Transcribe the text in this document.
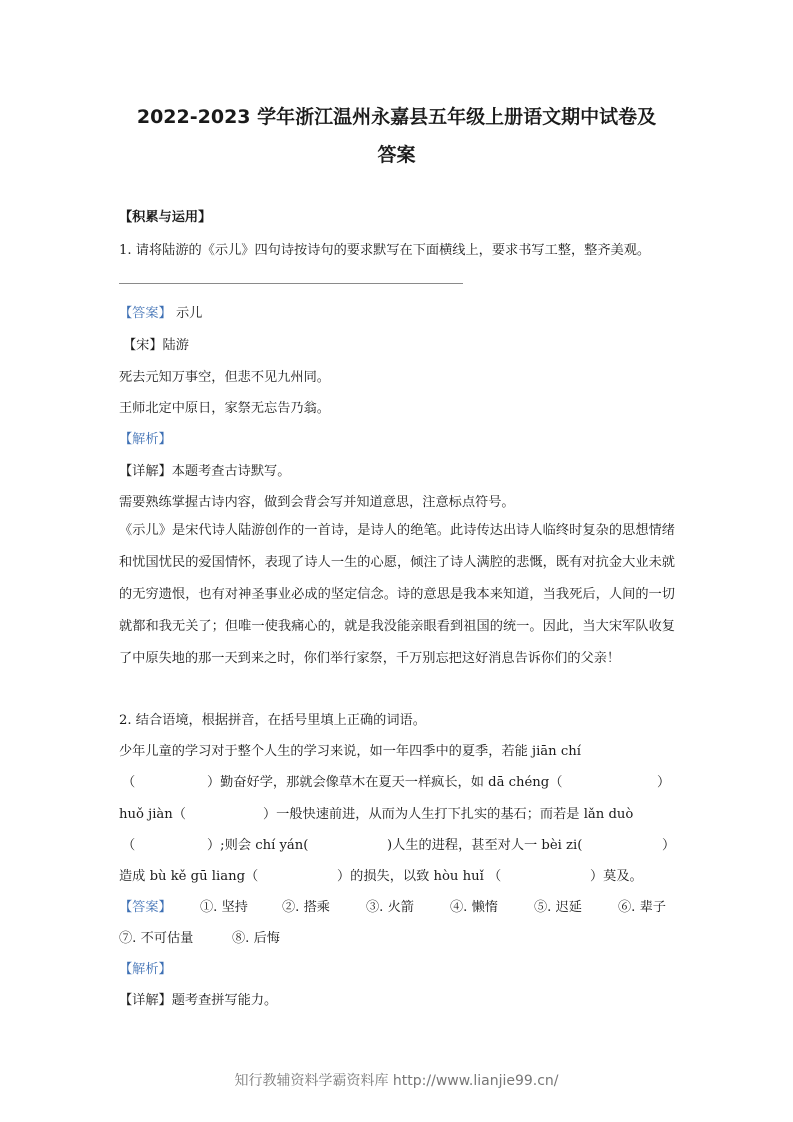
2022-2023 学年浙江温州永嘉县五年级上册语文期中试卷及
答案
【积累与运用】
1. 请将陆游的《示儿》四句诗按诗句的要求默写在下面横线上，要求书写工整，整齐美观。
【答案】 示儿
【宋】陆游
死去元知万事空，但悲不见九州同。
王师北定中原日，家祭无忘告乃翁。
【解析】
【详解】本题考查古诗默写。
需要熟练掌握古诗内容，做到会背会写并知道意思，注意标点符号。
《示儿》是宋代诗人陆游创作的一首诗，是诗人的绝笔。此诗传达出诗人临终时复杂的思想情绪和忧国忧民的爱国情怀，表现了诗人一生的心愿，倾注了诗人满腔的悲慨，既有对抗金大业未就的无穷遗恨，也有对神圣事业必成的坚定信念。诗的意思是我本来知道，当我死后，人间的一切就都和我无关了；但唯一使我痛心的，就是我没能亲眼看到祖国的统一。因此，当大宋军队收复了中原失地的那一天到来之时，你们举行家祭，千万别忘把这好消息告诉你们的父亲！
2. 结合语境，根据拼音，在括号里填上正确的词语。
少年儿童的学习对于整个人生的学习来说，如一年四季中的夏季，若能 jiān chí
（	）勤奋好学，那就会像草木在夏天一样疯长，如 dā chéng（	）
huǒ jiàn（	）一般快速前进，从而为人生打下扎实的基石；而若是 lǎn duò
（	）;则会 chí yán(	)人生的进程，甚至对人一 bèi zi(	）
造成 bù kě gū liang（	）的损失，以致 hòu huǐ （	）莫及。
【答案】 ①. 坚持	②. 搭乘	③. 火箭	④. 懒惰	⑤. 迟延	⑥. 辈子
⑦. 不可估量	⑧. 后悔
【解析】
【详解】题考查拼写能力。
知行教辅资料学霸资料库 http://www.lianjie99.cn/
